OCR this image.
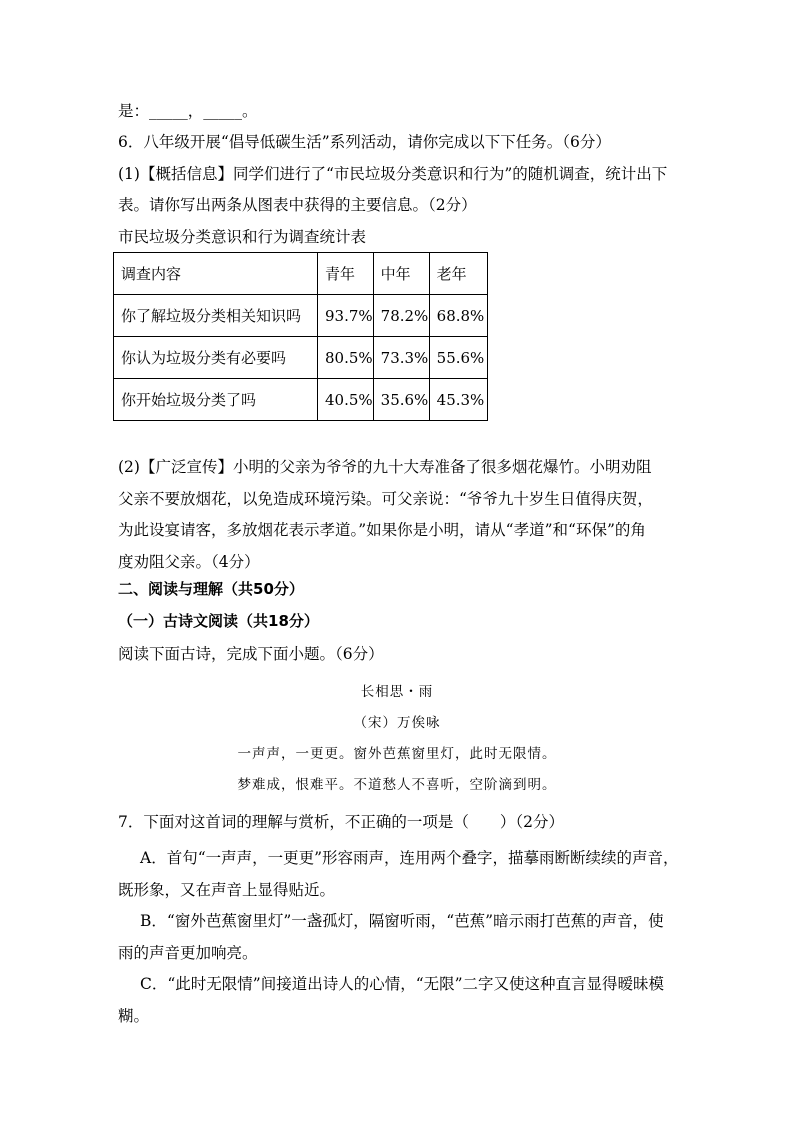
是：_____，_____。
6．八年级开展“倡导低碳生活”系列活动，请你完成以下下任务。（6分）
(1)【概括信息】同学们进行了“市民垃圾分类意识和行为”的随机调查，统计出下
表。请你写出两条从图表中获得的主要信息。（2分）
市民垃圾分类意识和行为调查统计表
调查内容	青年	中年	老年
你了解垃圾分类相关知识吗	93.7%	78.2%	68.8%
你认为垃圾分类有必要吗	80.5%	73.3%	55.6%
你开始垃圾分类了吗	40.5%	35.6%	45.3%
(2)【广泛宣传】小明的父亲为爷爷的九十大寿准备了很多烟花爆竹。小明劝阻
父亲不要放烟花，以免造成环境污染。可父亲说：“爷爷九十岁生日值得庆贺，
为此设宴请客，多放烟花表示孝道。”如果你是小明，请从“孝道”和“环保”的角
度劝阻父亲。（4分）
二、阅读与理解（共50分）
（一）古诗文阅读（共18分）
阅读下面古诗，完成下面小题。（6分）
长相思・雨
（宋）万俟咏
一声声，一更更。窗外芭蕉窗里灯，此时无限情。
梦难成，恨难平。不道愁人不喜听，空阶滴到明。
7．下面对这首词的理解与赏析，不正确的一项是（　　）（2分）
A．首句“一声声，一更更”形容雨声，连用两个叠字，描摹雨断断续续的声音，
既形象，又在声音上显得贴近。
B．“窗外芭蕉窗里灯”一盏孤灯，隔窗听雨，“芭蕉”暗示雨打芭蕉的声音，使
雨的声音更加响亮。
C．“此时无限情”间接道出诗人的心情，“无限”二字又使这种直言显得暧昧模
糊。
